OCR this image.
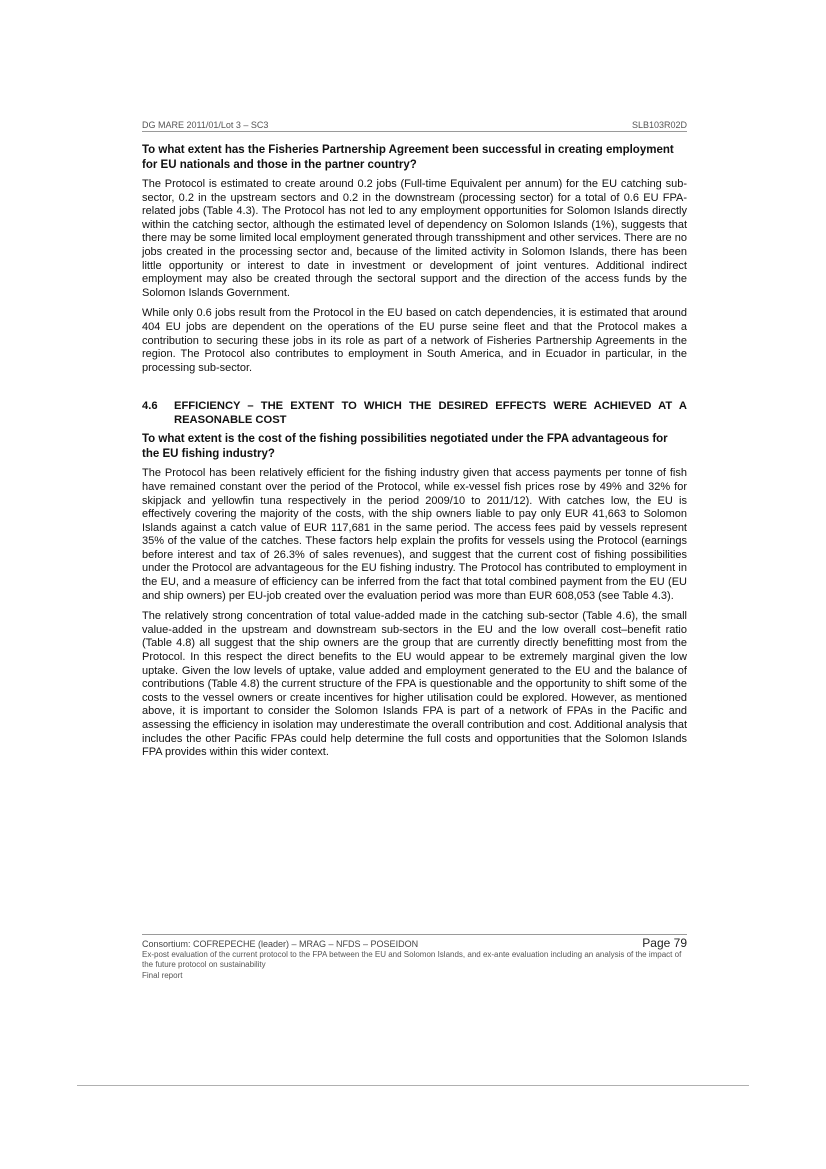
DG MARE 2011/01/Lot 3 – SC3	SLB103R02D

To what extent has the Fisheries Partnership Agreement been successful in creating employment for EU nationals and those in the partner country?

The Protocol is estimated to create around 0.2 jobs (Full-time Equivalent per annum) for the EU catching sub-sector, 0.2 in the upstream sectors and 0.2 in the downstream (processing sector) for a total of 0.6 EU FPA-related jobs (Table 4.3). The Protocol has not led to any employment opportunities for Solomon Islands directly within the catching sector, although the estimated level of dependency on Solomon Islands (1%), suggests that there may be some limited local employment generated through transshipment and other services. There are no jobs created in the processing sector and, because of the limited activity in Solomon Islands, there has been little opportunity or interest to date in investment or development of joint ventures. Additional indirect employment may also be created through the sectoral support and the direction of the access funds by the Solomon Islands Government.

While only 0.6 jobs result from the Protocol in the EU based on catch dependencies, it is estimated that around 404 EU jobs are dependent on the operations of the EU purse seine fleet and that the Protocol makes a contribution to securing these jobs in its role as part of a network of Fisheries Partnership Agreements in the region. The Protocol also contributes to employment in South America, and in Ecuador in particular, in the processing sub-sector.

4.6	EFFICIENCY – THE EXTENT TO WHICH THE DESIRED EFFECTS WERE ACHIEVED AT A REASONABLE COST

To what extent is the cost of the fishing possibilities negotiated under the FPA advantageous for the EU fishing industry?

The Protocol has been relatively efficient for the fishing industry given that access payments per tonne of fish have remained constant over the period of the Protocol, while ex-vessel fish prices rose by 49% and 32% for skipjack and yellowfin tuna respectively in the period 2009/10 to 2011/12). With catches low, the EU is effectively covering the majority of the costs, with the ship owners liable to pay only EUR 41,663 to Solomon Islands against a catch value of EUR 117,681 in the same period. The access fees paid by vessels represent 35% of the value of the catches. These factors help explain the profits for vessels using the Protocol (earnings before interest and tax of 26.3% of sales revenues), and suggest that the current cost of fishing possibilities under the Protocol are advantageous for the EU fishing industry. The Protocol has contributed to employment in the EU, and a measure of efficiency can be inferred from the fact that total combined payment from the EU (EU and ship owners) per EU-job created over the evaluation period was more than EUR 608,053 (see Table 4.3).

The relatively strong concentration of total value-added made in the catching sub-sector (Table 4.6), the small value-added in the upstream and downstream sub-sectors in the EU and the low overall cost–benefit ratio (Table 4.8) all suggest that the ship owners are the group that are currently directly benefitting most from the Protocol. In this respect the direct benefits to the EU would appear to be extremely marginal given the low uptake. Given the low levels of uptake, value added and employment generated to the EU and the balance of contributions (Table 4.8) the current structure of the FPA is questionable and the opportunity to shift some of the costs to the vessel owners or create incentives for higher utilisation could be explored. However, as mentioned above, it is important to consider the Solomon Islands FPA is part of a network of FPAs in the Pacific and assessing the efficiency in isolation may underestimate the overall contribution and cost. Additional analysis that includes the other Pacific FPAs could help determine the full costs and opportunities that the Solomon Islands FPA provides within this wider context.

Consortium: COFREPECHE (leader) – MRAG – NFDS – POSEIDON	Page 79
Ex-post evaluation of the current protocol to the FPA between the EU and Solomon Islands, and ex-ante evaluation including an analysis of the impact of the future protocol on sustainability
Final report
